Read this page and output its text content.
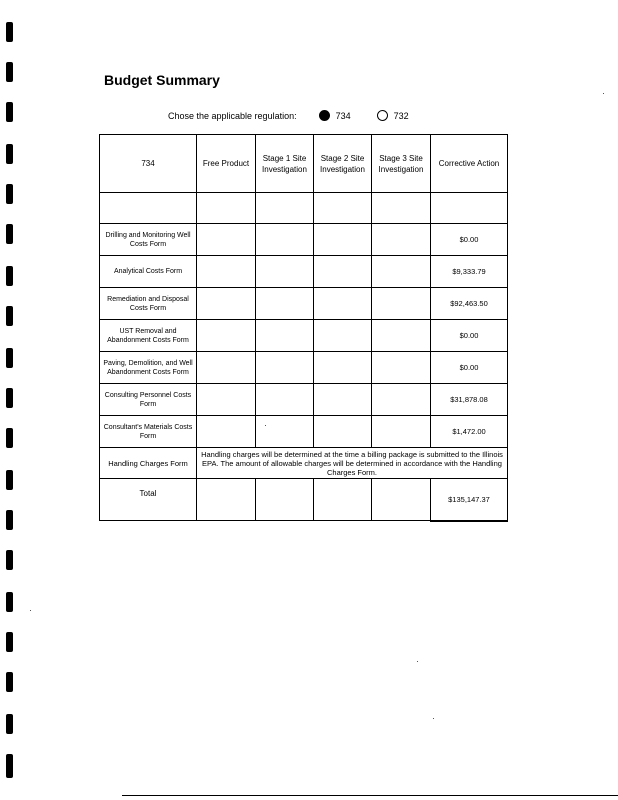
Budget Summary
Chose the applicable regulation:	734	732
734	Free Product	Stage 1 Site Investigation	Stage 2 Site Investigation	Stage 3 Site Investigation	Corrective Action

Drilling and Monitoring Well Costs Form					$0.00
Analytical Costs Form					$9,333.79
Remediation and Disposal Costs Form					$92,463.50
UST Removal and Abandonment Costs Form					$0.00
Paving, Demolition, and Well Abandonment Costs Form					$0.00
Consulting Personnel Costs Form					$31,878.08
Consultant's Materials Costs Form					$1,472.00
Handling Charges Form	Handling charges will be determined at the time a billing package is submitted to the Illinois EPA. The amount of allowable charges will be determined in accordance with the Handling Charges Form.				
Total					$135,147.37
